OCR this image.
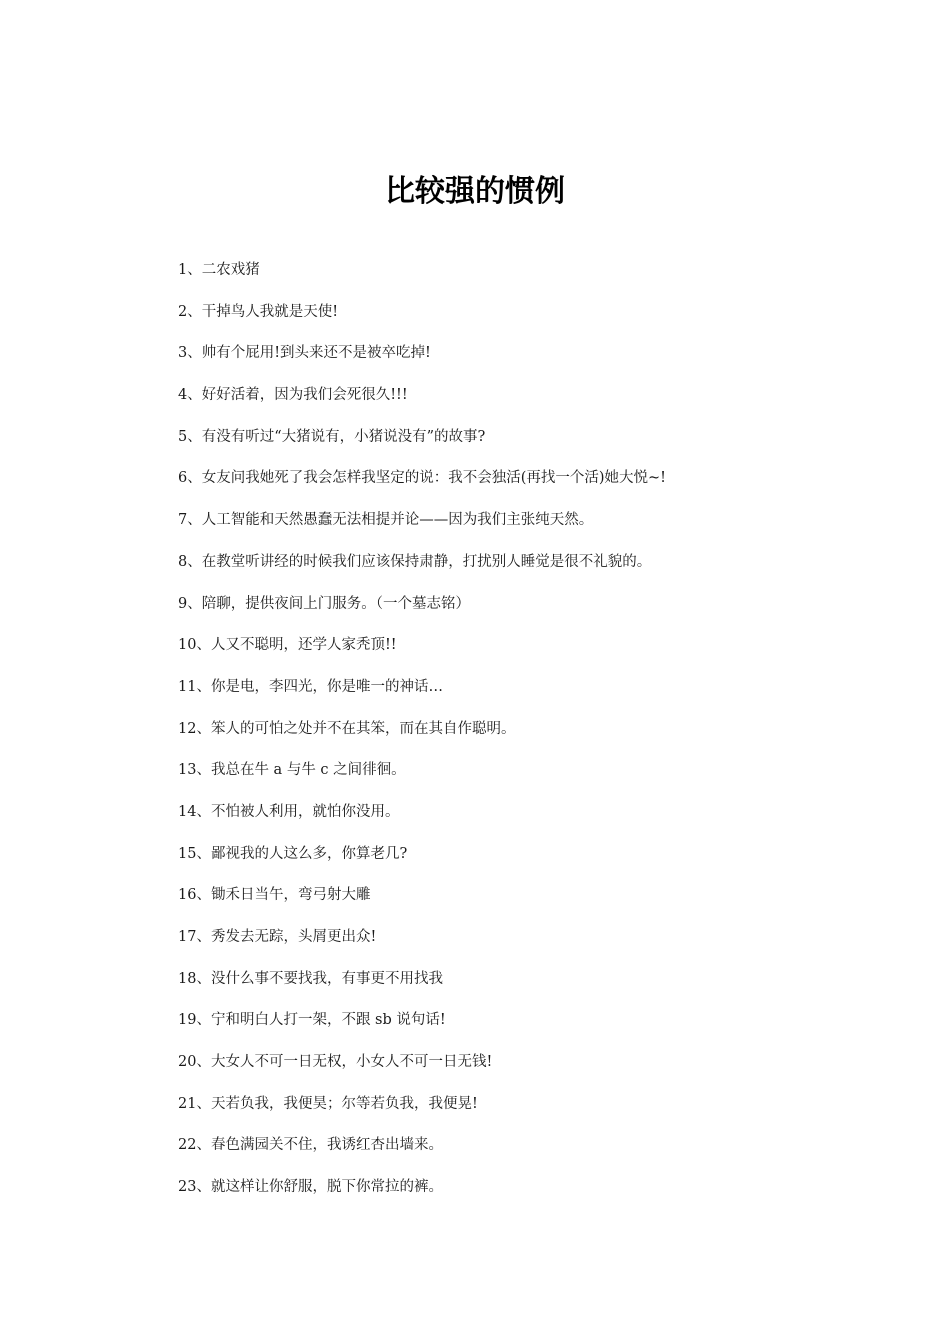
比较强的惯例
1、二农戏猪
2、干掉鸟人我就是天使!
3、帅有个屁用!到头来还不是被卒吃掉!
4、好好活着，因为我们会死很久!!!
5、有没有听过“大猪说有，小猪说没有”的故事?
6、女友问我她死了我会怎样我坚定的说：我不会独活(再找一个活)她大悦~!
7、人工智能和天然愚蠢无法相提并论——因为我们主张纯天然。
8、在教堂听讲经的时候我们应该保持肃静，打扰别人睡觉是很不礼貌的。
9、陪聊，提供夜间上门服务。（一个墓志铭）
10、人又不聪明，还学人家秃顶!!
11、你是电，李四光，你是唯一的神话…
12、笨人的可怕之处并不在其笨，而在其自作聪明。
13、我总在牛 a 与牛 c 之间徘徊。
14、不怕被人利用，就怕你没用。
15、鄙视我的人这么多，你算老几?
16、锄禾日当午，弯弓射大雕
17、秀发去无踪，头屑更出众!
18、没什么事不要找我，有事更不用找我
19、宁和明白人打一架，不跟 sb 说句话!
20、大女人不可一日无权，小女人不可一日无钱!
21、天若负我，我便昊；尔等若负我，我便晃!
22、春色满园关不住，我诱红杏出墙来。
23、就这样让你舒服，脱下你常拉的裤。
